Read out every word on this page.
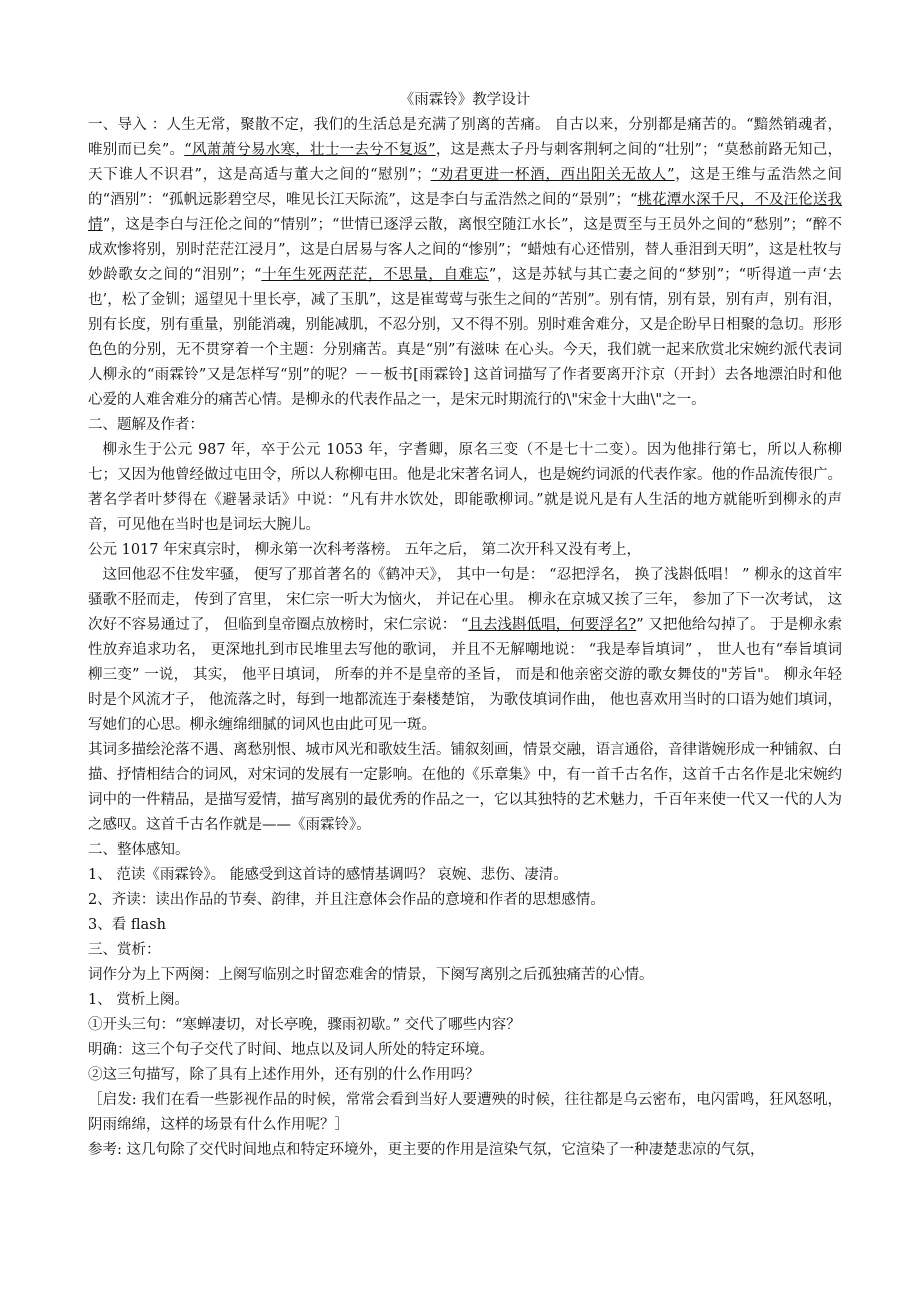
《雨霖铃》教学设计

一、导入 ：人生无常，聚散不定，我们的生活总是充满了别离的苦痛。 自古以来，分别都是痛苦的。“黯然销魂者，唯别而已矣”。“风萧萧兮易水寒，壮士一去兮不复返”，这是燕太子丹与刺客荆轲之间的“壮别”；“莫愁前路无知己，天下谁人不识君”，这是高适与董大之间的“慰别”；“劝君更进一杯酒，西出阳关无故人”，这是王维与孟浩然之间的“酒别”：“孤帆远影碧空尽，唯见长江天际流”，这是李白与孟浩然之间的“景别”；“桃花潭水深千尺，不及汪伦送我情”，这是李白与汪伦之间的“情别”；“世情已逐浮云散，离恨空随江水长”，这是贾至与王员外之间的“愁别”；“醉不成欢惨将别，别时茫茫江浸月”，这是白居易与客人之间的“惨别”；“蜡烛有心还惜别，替人垂泪到天明”，这是杜牧与妙龄歌女之间的“泪别”；“十年生死两茫茫，不思量，自难忘”，这是苏轼与其亡妻之间的“梦别”；“听得道一声‘去也’，松了金钏；遥望见十里长亭，减了玉肌”，这是崔莺莺与张生之间的“苦别”。别有情，别有景，别有声，别有泪，别有长度，别有重量，别能消魂，别能减肌，不忍分别，又不得不别。别时难舍难分，又是企盼早日相聚的急切。形形色色的分别，无不贯穿着一个主题：分别痛苦。真是“别”有滋味 在心头。今天，我们就一起来欣赏北宋婉约派代表词人柳永的“雨霖铃”又是怎样写“别”的呢？－－板书[雨霖铃] 这首词描写了作者要离开汴京（开封）去各地漂泊时和他心爱的人难舍难分的痛苦心情。是柳永的代表作品之一，是宋元时期流行的\"宋金十大曲\"之一。

二、题解及作者：

柳永生于公元 987 年，卒于公元 1053 年，字耆卿，原名三变（不是七十二变）。因为他排行第七，所以人称柳七；又因为他曾经做过屯田令，所以人称柳屯田。他是北宋著名词人，也是婉约词派的代表作家。他的作品流传很广。著名学者叶梦得在《避暑录话》中说：“凡有井水饮处，即能歌柳词。”就是说凡是有人生活的地方就能听到柳永的声音，可见他在当时也是词坛大腕儿。

公元 1017 年宋真宗时， 柳永第一次科考落榜。 五年之后， 第二次开科又没有考上，

这回他忍不住发牢骚， 便写了那首著名的《鹤冲天》， 其中一句是： “忍把浮名， 换了浅斟低唱！ ” 柳永的这首牢骚歌不胫而走， 传到了宫里， 宋仁宗一听大为恼火， 并记在心里。 柳永在京城又挨了三年， 参加了下一次考试， 这次好不容易通过了， 但临到皇帝圈点放榜时，宋仁宗说： “且去浅斟低唱，何要浮名?” 又把他给勾掉了。 于是柳永索性放弃追求功名， 更深地扎到市民堆里去写他的歌词， 并且不无解嘲地说： “我是奉旨填词” ， 世人也有“奉旨填词柳三变” 一说， 其实， 他平日填词， 所奉的并不是皇帝的圣旨， 而是和他亲密交游的歌女舞伎的"芳旨"。 柳永年轻时是个风流才子， 他流落之时，每到一地都流连于秦楼楚馆， 为歌伎填词作曲， 他也喜欢用当时的口语为她们填词， 写她们的心思。柳永缠绵细腻的词风也由此可见一斑。

其词多描绘沦落不遇、离愁别恨、城市风光和歌妓生活。铺叙刻画，情景交融，语言通俗，音律谐婉形成一种铺叙、白描、抒情相结合的词风，对宋词的发展有一定影响。在他的《乐章集》中，有一首千古名作，这首千古名作是北宋婉约词中的一件精品，是描写爱情，描写离别的最优秀的作品之一，它以其独特的艺术魅力，千百年来使一代又一代的人为之感叹。这首千古名作就是——《雨霖铃》。

二、整体感知。

1、 范读《雨霖铃》。 能感受到这首诗的感情基调吗？ 哀婉、悲伤、凄清。

2、齐读：读出作品的节奏、韵律，并且注意体会作品的意境和作者的思想感情。

3、看 flash

三、赏析：

词作分为上下两阕：上阕写临别之时留恋难舍的情景，下阕写离别之后孤独痛苦的心情。

1、 赏析上阕。

①开头三句：“寒蝉凄切，对长亭晚，骤雨初歇。” 交代了哪些内容？

明确：这三个句子交代了时间、地点以及词人所处的特定环境。

②这三句描写，除了具有上述作用外，还有别的什么作用吗？

［启发: 我们在看一些影视作品的时候，常常会看到当好人要遭殃的时候，往往都是乌云密布，电闪雷鸣，狂风怒吼，阴雨绵绵，这样的场景有什么作用呢？］

参考: 这几句除了交代时间地点和特定环境外，更主要的作用是渲染气氛，它渲染了一种凄楚悲凉的气氛，
